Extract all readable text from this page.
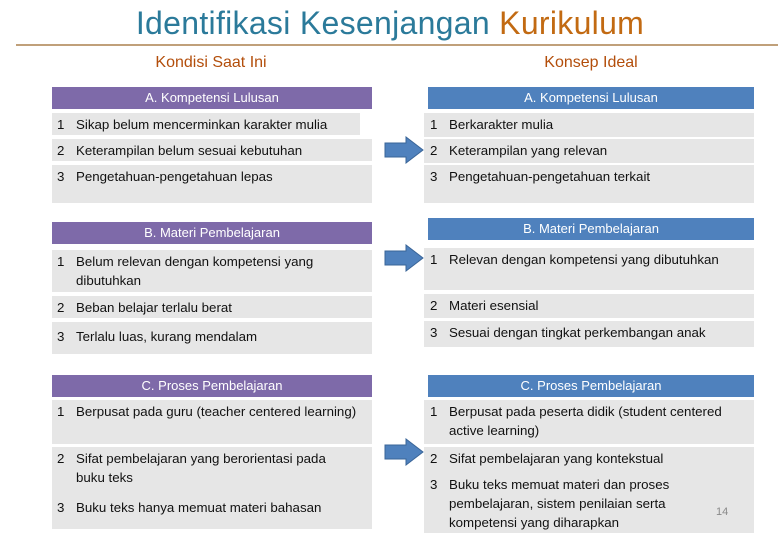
Identifikasi Kesenjangan Kurikulum
Kondisi Saat Ini	Konsep Ideal
A. Kompetensi Lulusan	A. Kompetensi Lulusan
1 Sikap belum mencerminkan karakter mulia
2 Keterampilan belum sesuai kebutuhan
3 Pengetahuan-pengetahuan lepas
1 Berkarakter mulia
2 Keterampilan yang relevan
3 Pengetahuan-pengetahuan terkait
B. Materi Pembelajaran	B. Materi Pembelajaran
1 Belum relevan dengan kompetensi yang dibutuhkan
2 Beban belajar terlalu berat
3 Terlalu luas, kurang mendalam
1 Relevan dengan kompetensi yang dibutuhkan
2 Materi esensial
3 Sesuai dengan tingkat perkembangan anak
C. Proses Pembelajaran	C. Proses Pembelajaran
1 Berpusat pada guru (teacher centered learning)
2 Sifat pembelajaran yang berorientasi pada buku teks
3 Buku teks hanya memuat materi bahasan
1 Berpusat pada peserta didik (student centered active learning)
2 Sifat pembelajaran yang kontekstual
3 Buku teks memuat materi dan proses pembelajaran, sistem penilaian serta kompetensi yang diharapkan
14
